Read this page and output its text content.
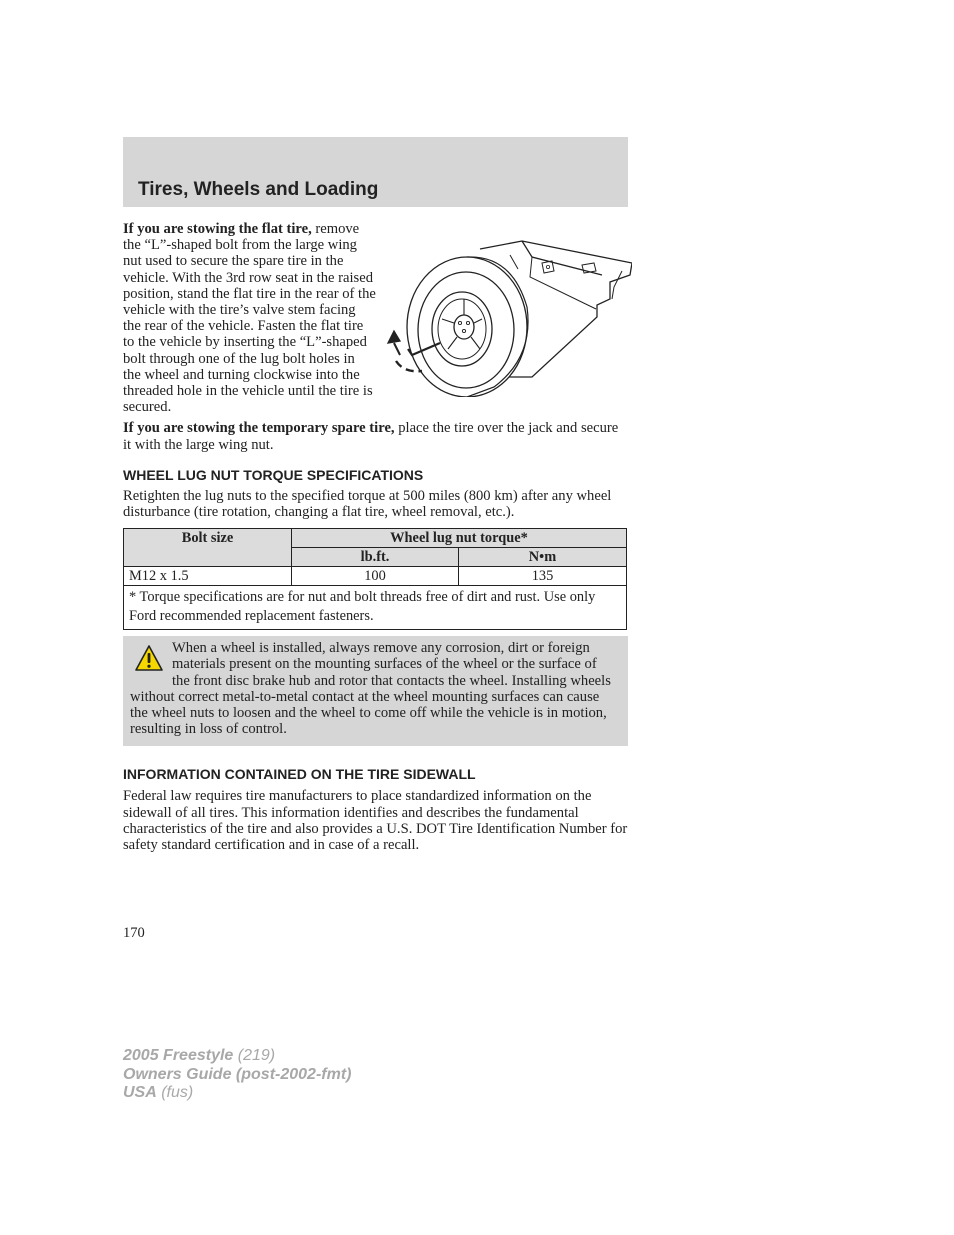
Tires, Wheels and Loading
If you are stowing the flat tire, remove the “L”-shaped bolt from the large wing nut used to secure the spare tire in the vehicle. With the 3rd row seat in the raised position, stand the flat tire in the rear of the vehicle with the tire’s valve stem facing the rear of the vehicle. Fasten the flat tire to the vehicle by inserting the “L”-shaped bolt through one of the lug bolt holes in the wheel and turning clockwise into the threaded hole in the vehicle until the tire is secured.
If you are stowing the temporary spare tire, place the tire over the jack and secure it with the large wing nut.
WHEEL LUG NUT TORQUE SPECIFICATIONS
Retighten the lug nuts to the specified torque at 500 miles (800 km) after any wheel disturbance (tire rotation, changing a flat tire, wheel removal, etc.).
Bolt size	Wheel lug nut torque*	
	lb.ft.	N•m
M12 x 1.5	100	135
* Torque specifications are for nut and bolt threads free of dirt and rust. Use only Ford recommended replacement fasteners.		
When a wheel is installed, always remove any corrosion, dirt or foreign materials present on the mounting surfaces of the wheel or the surface of the front disc brake hub and rotor that contacts the wheel. Installing wheels without correct metal-to-metal contact at the wheel mounting surfaces can cause the wheel nuts to loosen and the wheel to come off while the vehicle is in motion, resulting in loss of control.
INFORMATION CONTAINED ON THE TIRE SIDEWALL
Federal law requires tire manufacturers to place standardized information on the sidewall of all tires. This information identifies and describes the fundamental characteristics of the tire and also provides a U.S. DOT Tire Identification Number for safety standard certification and in case of a recall.
170
2005 Freestyle (219)
Owners Guide (post-2002-fmt)
USA (fus)
